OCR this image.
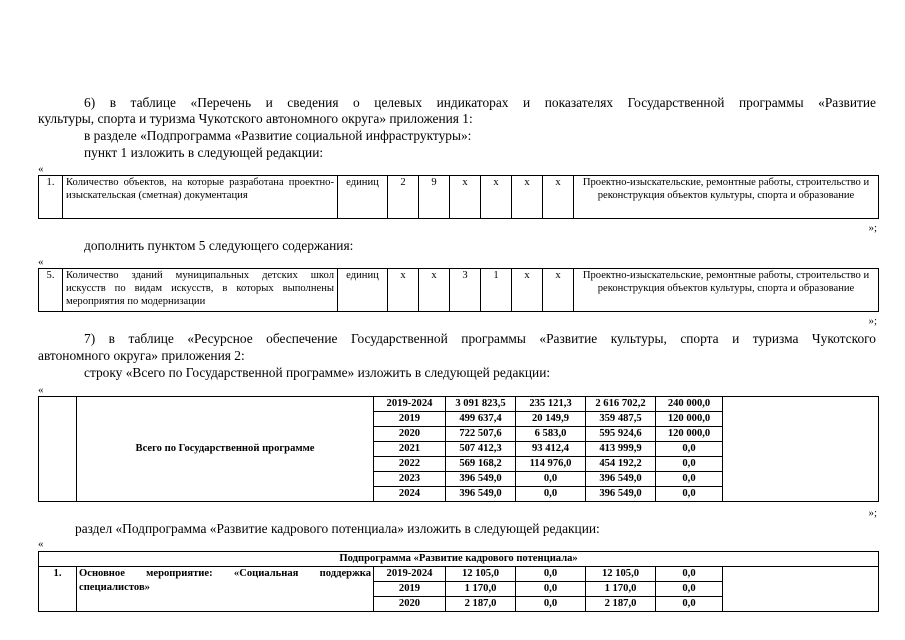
6) в таблице «Перечень и сведения о целевых индикаторах и показателях Государственной программы «Развитие
культуры, спорта и туризма Чукотского автономного округа» приложения 1:
в разделе «Подпрограмма «Развитие социальной инфраструктуры»:
пункт 1 изложить в следующей редакции:
«
1.	Количество объектов, на которые разработана проектно-изыскательская (сметная) документация	единиц	2	9	х	х	х	х	Проектно-изыскательские, ремонтные работы, строительство и реконструкция объектов культуры, спорта и образование
»;
дополнить пунктом 5 следующего содержания:
«
5.	Количество зданий муниципальных детских школ искусств по видам искусств, в которых выполнены мероприятия по модернизации	единиц	х	х	3	1	х	х	Проектно-изыскательские, ремонтные работы, строительство и реконструкция объектов культуры, спорта и образование
»;
7) в таблице «Ресурсное обеспечение Государственной программы «Развитие культуры, спорта и туризма Чукотского
автономного округа» приложения 2:
строку «Всего по Государственной программе» изложить в следующей редакции:
«
	Всего по Государственной программе	2019-2024	3 091 823,5	235 121,3	2 616 702,2	240 000,0	
		2019	499 637,4	20 149,9	359 487,5	120 000,0	
		2020	722 507,6	6 583,0	595 924,6	120 000,0	
		2021	507 412,3	93 412,4	413 999,9	0,0	
		2022	569 168,2	114 976,0	454 192,2	0,0	
		2023	396 549,0	0,0	396 549,0	0,0	
		2024	396 549,0	0,0	396 549,0	0,0	
»;
раздел «Подпрограмма «Развитие кадрового потенциала» изложить в следующей редакции:
«
Подпрограмма «Развитие кадрового потенциала»							
1.	Основное мероприятие: «Социальная поддержка специалистов»	2019-2024	12 105,0	0,0	12 105,0	0,0	
		2019	1 170,0	0,0	1 170,0	0,0	
		2020	2 187,0	0,0	2 187,0	0,0	
